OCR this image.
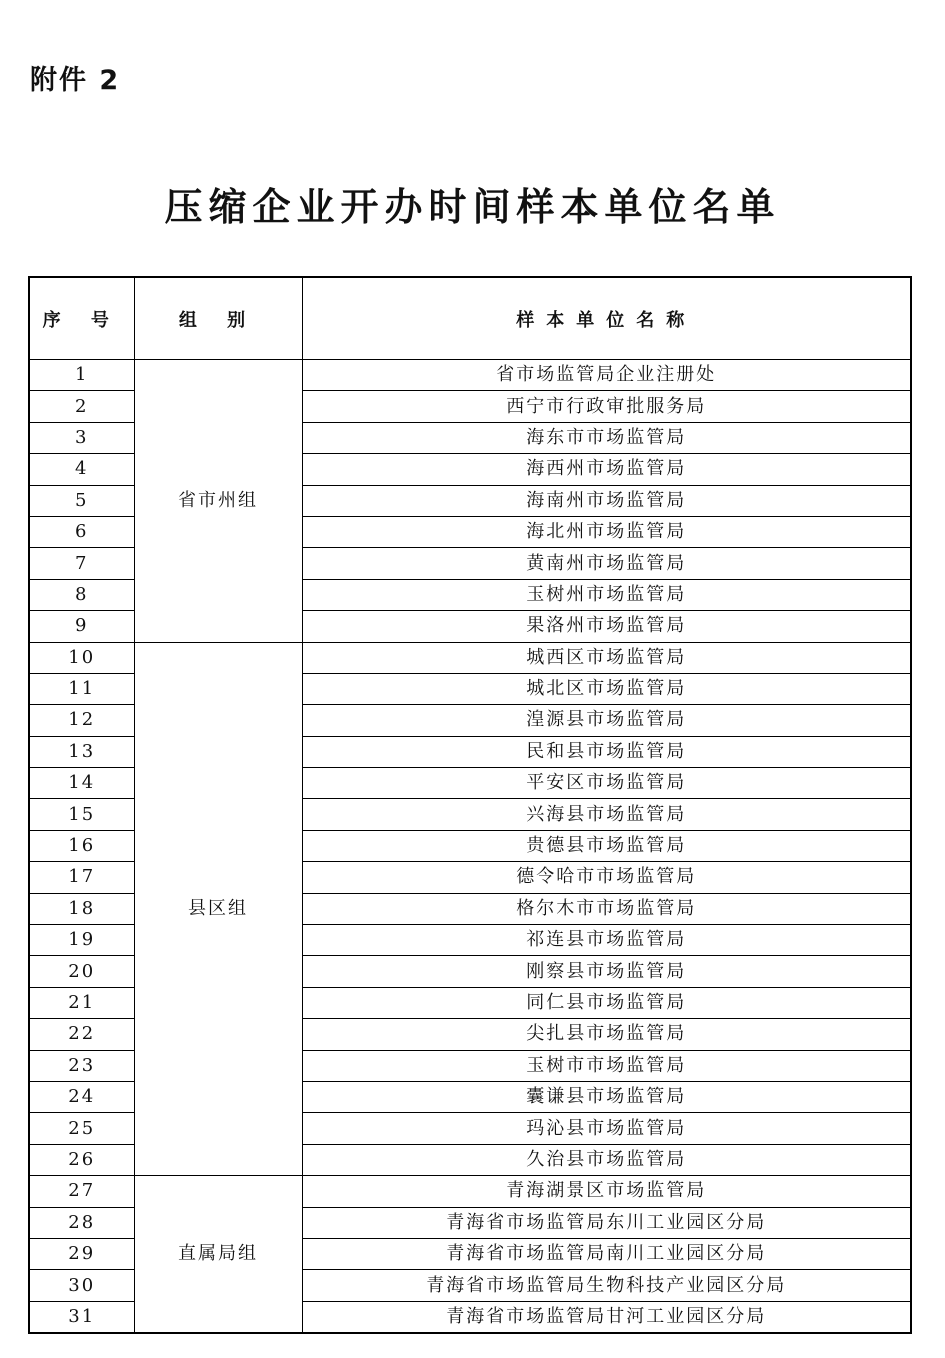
附件 2
压缩企业开办时间样本单位名单
序 号	组 别	样本单位名称
1	省市州组	省市场监管局企业注册处
2		西宁市行政审批服务局
3		海东市市场监管局
4		海西州市场监管局
5		海南州市场监管局
6		海北州市场监管局
7		黄南州市场监管局
8		玉树州市场监管局
9		果洛州市场监管局
10	县区组	城西区市场监管局
11		城北区市场监管局
12		湟源县市场监管局
13		民和县市场监管局
14		平安区市场监管局
15		兴海县市场监管局
16		贵德县市场监管局
17		德令哈市市场监管局
18		格尔木市市场监管局
19		祁连县市场监管局
20		刚察县市场监管局
21		同仁县市场监管局
22		尖扎县市场监管局
23		玉树市市场监管局
24		囊谦县市场监管局
25		玛沁县市场监管局
26		久治县市场监管局
27	直属局组	青海湖景区市场监管局
28		青海省市场监管局东川工业园区分局
29		青海省市场监管局南川工业园区分局
30		青海省市场监管局生物科技产业园区分局
31		青海省市场监管局甘河工业园区分局
